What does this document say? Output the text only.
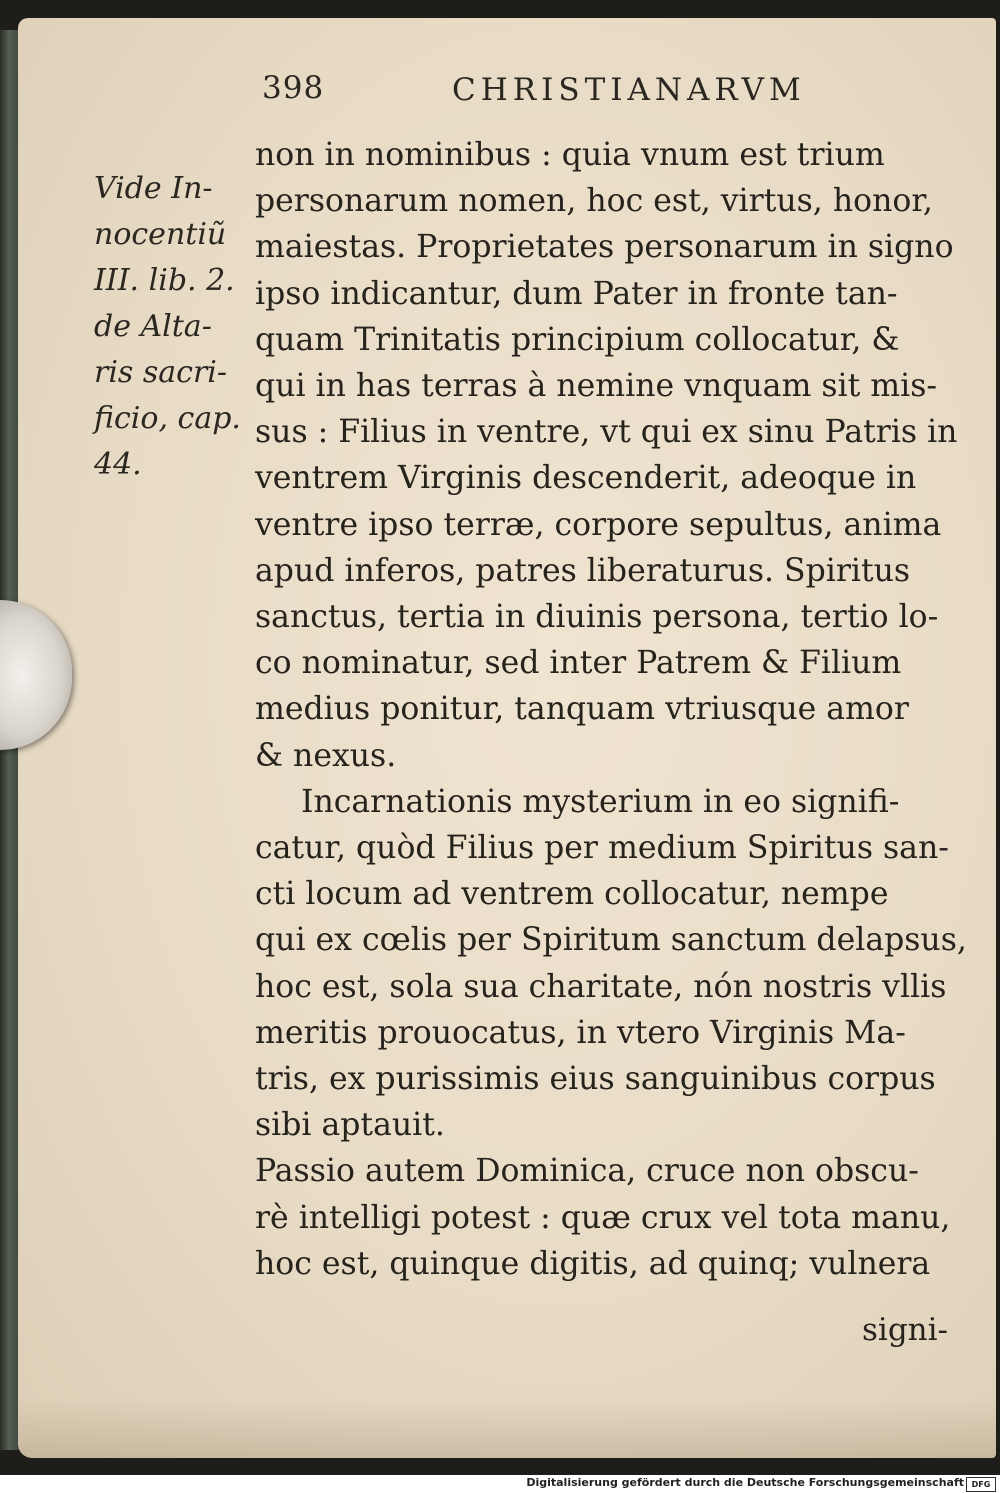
398	CHRISTIANARVM
Vide In-
nocentiũ
III. lib. 2.
de Alta-
ris sacri-
ficio, cap.
44.
non in nominibus : quia vnum est trium
personarum nomen, hoc est, virtus, honor,
maiestas. Proprietates personarum in signo
ipso indicantur, dum Pater in fronte tan-
quam Trinitatis principium collocatur, &
qui in has terras à nemine vnquam sit mis-
sus : Filius in ventre, vt qui ex sinu Patris in
ventrem Virginis descenderit, adeoque in
ventre ipso terræ, corpore sepultus, anima
apud inferos, patres liberaturus. Spiritus
sanctus, tertia in diuinis persona, tertio lo-
co nominatur, sed inter Patrem & Filium
medius ponitur, tanquam vtriusque amor
& nexus.
Incarnationis mysterium in eo signifi-
catur, quòd Filius per medium Spiritus san-
cti locum ad ventrem collocatur, nempe
qui ex cœlis per Spiritum sanctum delapsus,
hoc est, sola sua charitate, nón nostris vllis
meritis prouocatus, in vtero Virginis Ma-
tris, ex purissimis eius sanguinibus corpus
sibi aptauit.
Passio autem Dominica, cruce non obscu-
rè intelligi potest : quæ crux vel tota manu,
hoc est, quinque digitis, ad quinq; vulnera
signi-
Digitalisierung gefördert durch die Deutsche Forschungsgemeinschaft DFG
